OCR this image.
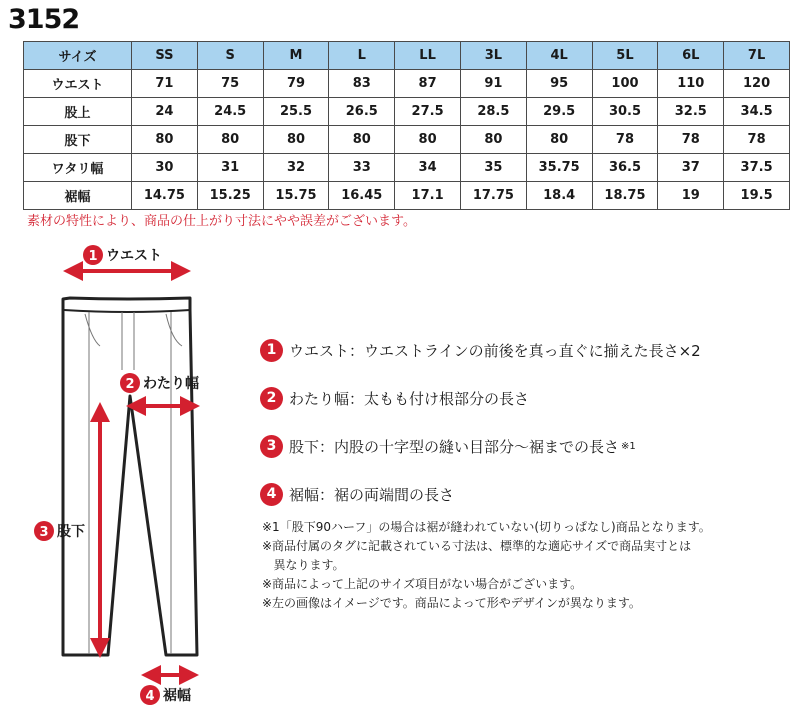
3152
サイズ	SS	S	M	L	LL	3L	4L	5L	6L	7L
ウエスト	71	75	79	83	87	91	95	100	110	120
股上	24	24.5	25.5	26.5	27.5	28.5	29.5	30.5	32.5	34.5
股下	80	80	80	80	80	80	80	78	78	78
ワタリ幅	30	31	32	33	34	35	35.75	36.5	37	37.5
裾幅	14.75	15.25	15.75	16.45	17.1	17.75	18.4	18.75	19	19.5
素材の特性により、商品の仕上がり寸法にやや誤差がございます。
1 ウエスト
2 わたり幅
3 股下
4 裾幅
1 ウエスト ：ウエストラインの前後を真っ直ぐに揃えた長さ×2
2 わたり幅 ：太もも付け根部分の長さ
3 股下 ：内股の十字型の縫い目部分〜裾までの長さ ※1
4 裾幅 ：裾の両端間の長さ
※1「股下90ハーフ」の場合は裾が縫われていない(切りっぱなし)商品となります。
※商品付属のタグに記載されている寸法は、標準的な適応サイズで商品実寸とは
異なります。
※商品によって上記のサイズ項目がない場合がございます。
※左の画像はイメージです。商品によって形やデザインが異なります。
